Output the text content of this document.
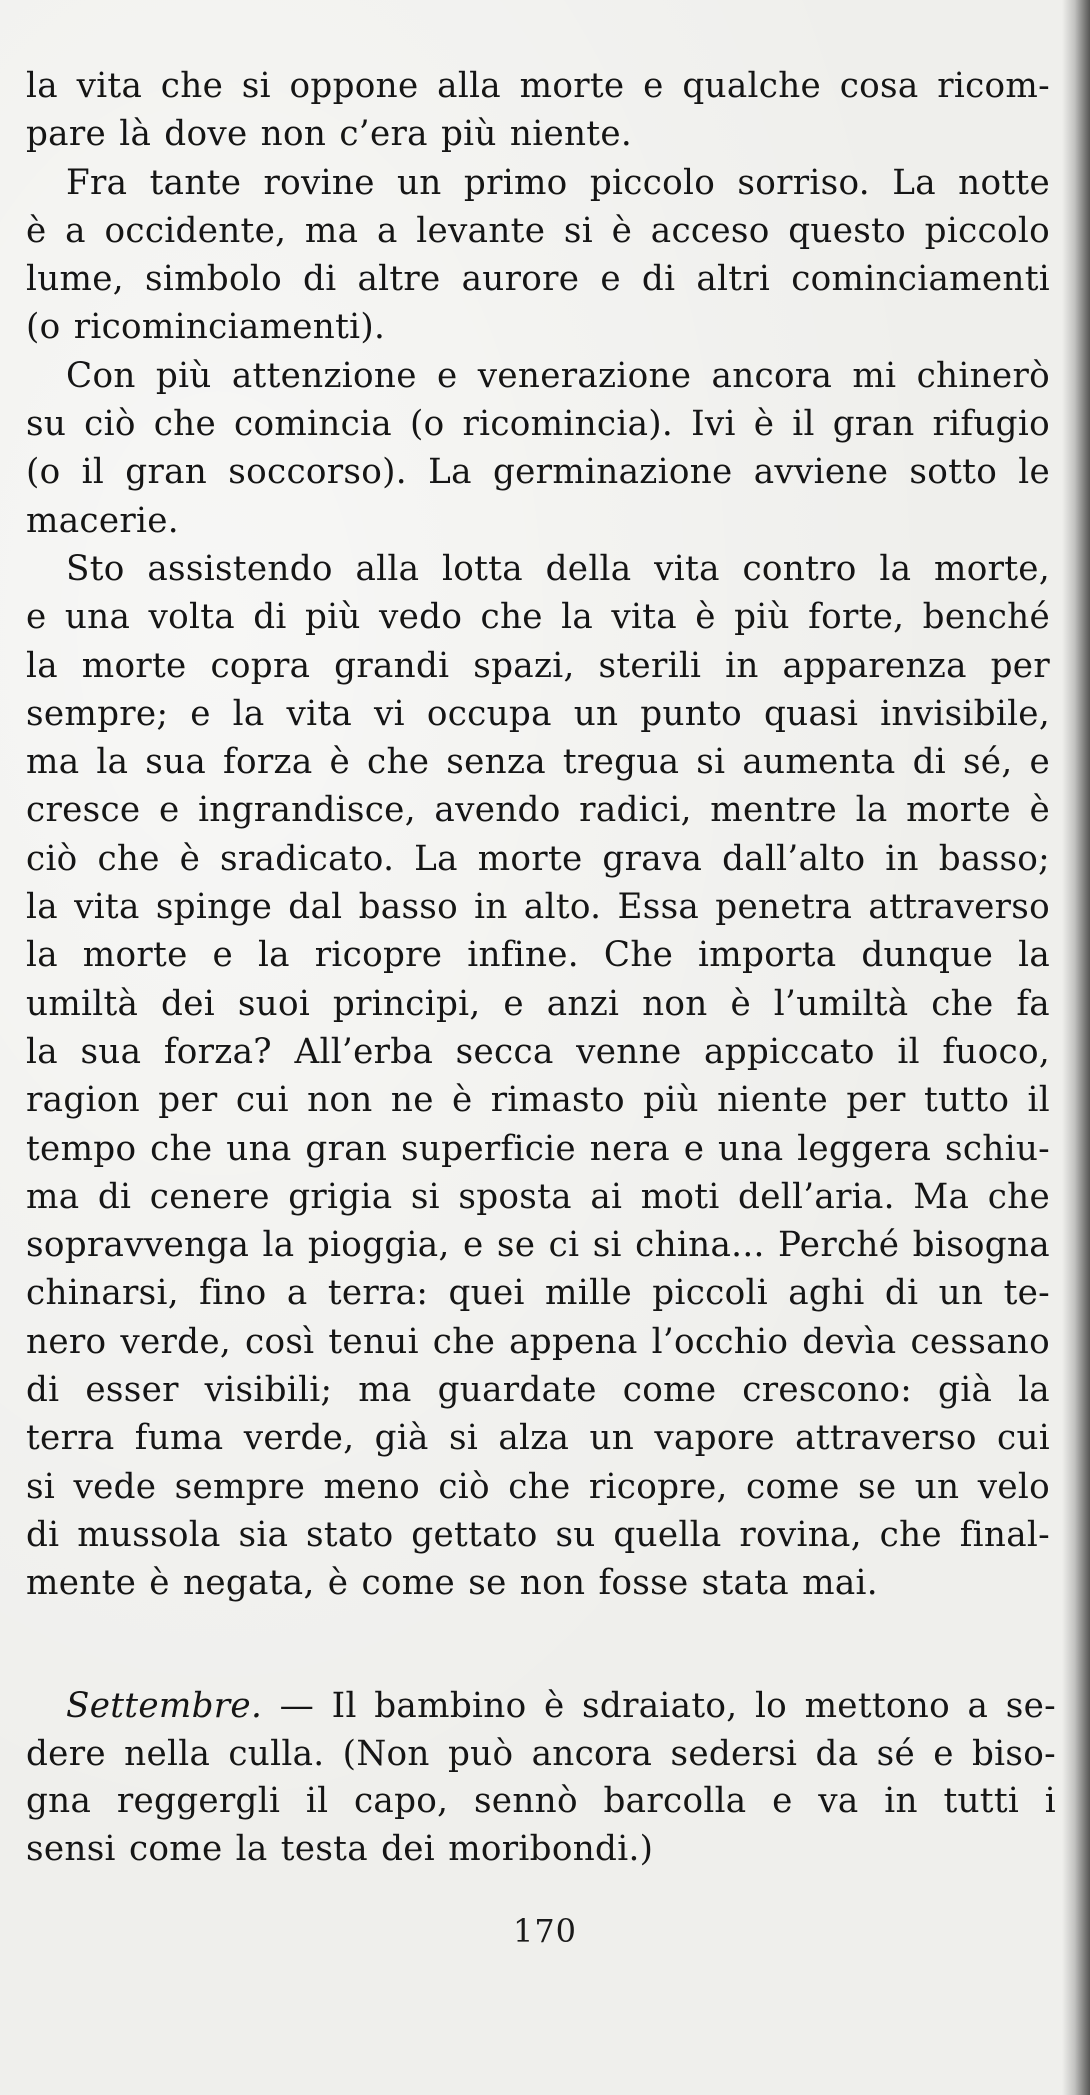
la vita che si oppone alla morte e qualche cosa ricom-
pare là dove non c’era più niente.
Fra tante rovine un primo piccolo sorriso. La notte
è a occidente, ma a levante si è acceso questo piccolo
lume, simbolo di altre aurore e di altri cominciamenti
(o ricominciamenti).
Con più attenzione e venerazione ancora mi chinerò
su ciò che comincia (o ricomincia). Ivi è il gran rifugio
(o il gran soccorso). La germinazione avviene sotto le
macerie.
Sto assistendo alla lotta della vita contro la morte,
e una volta di più vedo che la vita è più forte, benché
la morte copra grandi spazi, sterili in apparenza per
sempre; e la vita vi occupa un punto quasi invisibile,
ma la sua forza è che senza tregua si aumenta di sé, e
cresce e ingrandisce, avendo radici, mentre la morte è
ciò che è sradicato. La morte grava dall’alto in basso;
la vita spinge dal basso in alto. Essa penetra attraverso
la morte e la ricopre infine. Che importa dunque la
umiltà dei suoi principi, e anzi non è l’umiltà che fa
la sua forza? All’erba secca venne appiccato il fuoco,
ragion per cui non ne è rimasto più niente per tutto il
tempo che una gran superficie nera e una leggera schiu-
ma di cenere grigia si sposta ai moti dell’aria. Ma che
sopravvenga la pioggia, e se ci si china... Perché bisogna
chinarsi, fino a terra: quei mille piccoli aghi di un te-
nero verde, così tenui che appena l’occhio devìa cessano
di esser visibili; ma guardate come crescono: già la
terra fuma verde, già si alza un vapore attraverso cui
si vede sempre meno ciò che ricopre, come se un velo
di mussola sia stato gettato su quella rovina, che final-
mente è negata, è come se non fosse stata mai.
Settembre. — Il bambino è sdraiato, lo mettono a se-
dere nella culla. (Non può ancora sedersi da sé e biso-
gna reggergli il capo, sennò barcolla e va in tutti i
sensi come la testa dei moribondi.)
170
